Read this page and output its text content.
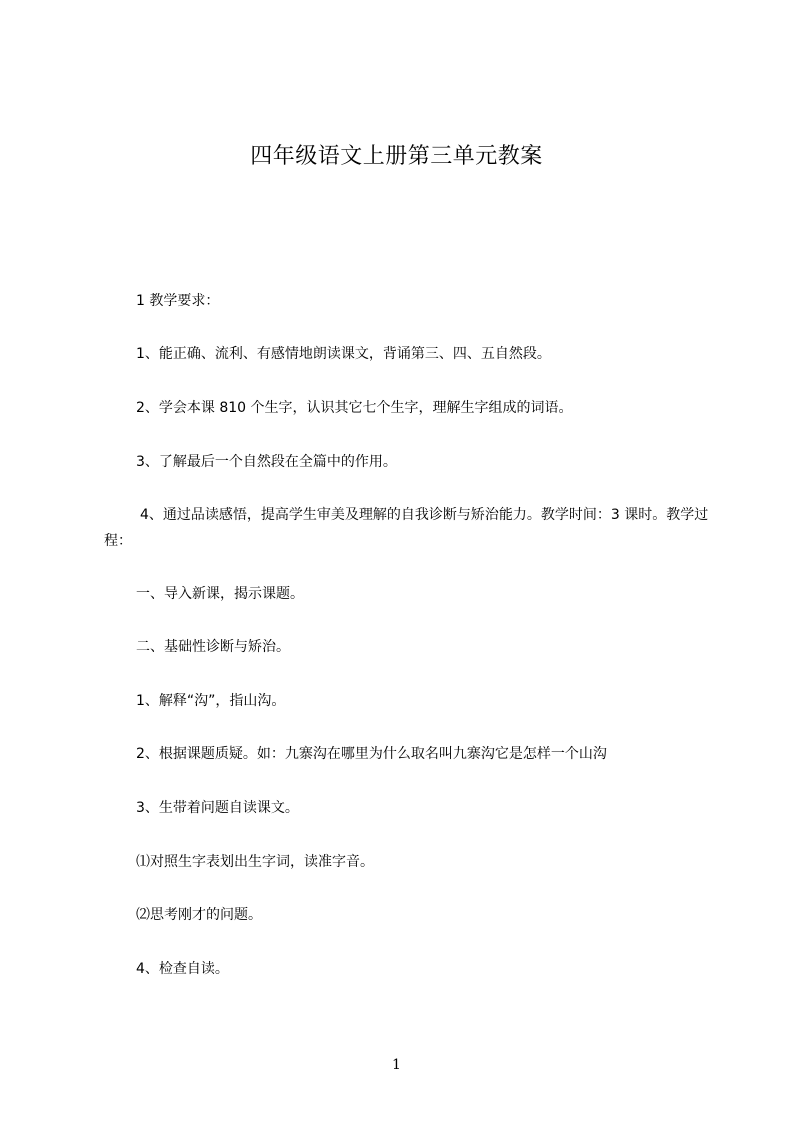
四年级语文上册第三单元教案
1 教学要求：
1、能正确、流利、有感情地朗读课文，背诵第三、四、五自然段。
2、学会本课 810 个生字，认识其它七个生字，理解生字组成的词语。
3、了解最后一个自然段在全篇中的作用。
4、通过品读感悟，提高学生审美及理解的自我诊断与矫治能力。教学时间：3 课时。教学过程：
一、导入新课，揭示课题。
二、基础性诊断与矫治。
1、解释“沟”，指山沟。
2、根据课题质疑。如：九寨沟在哪里为什么取名叫九寨沟它是怎样一个山沟
3、生带着问题自读课文。
⑴对照生字表划出生字词，读准字音。
⑵思考刚才的问题。
4、检查自读。
1
